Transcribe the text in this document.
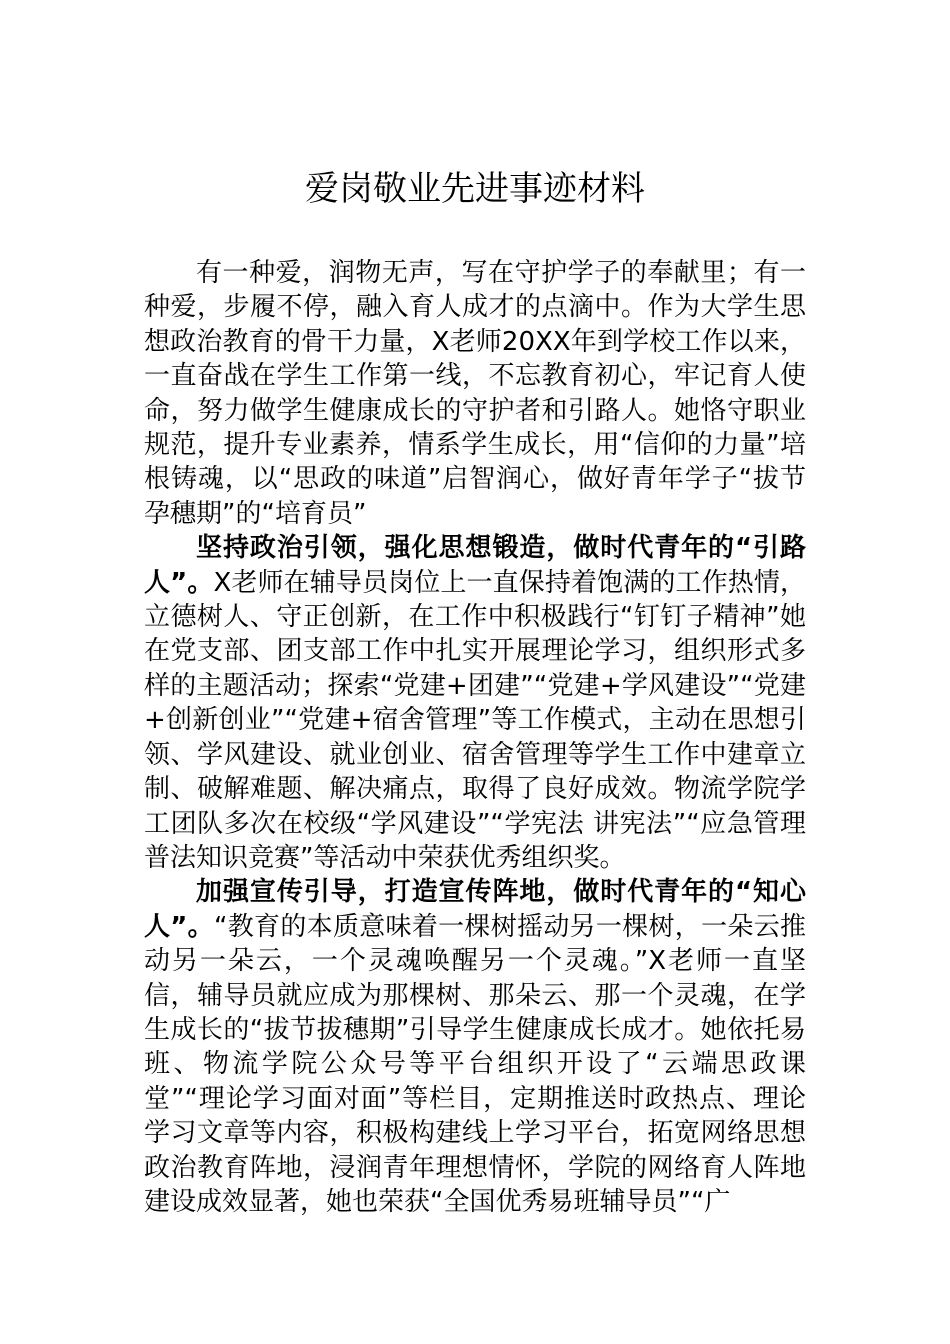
爱岗敬业先进事迹材料

有一种爱，润物无声，写在守护学子的奉献里；有一种爱，步履不停，融入育人成才的点滴中。作为大学生思想政治教育的骨干力量，X老师20XX年到学校工作以来，一直奋战在学生工作第一线，不忘教育初心，牢记育人使命，努力做学生健康成长的守护者和引路人。她恪守职业规范，提升专业素养，情系学生成长，用“信仰的力量”培根铸魂，以“思政的味道”启智润心，做好青年学子“拔节孕穗期”的“培育员”

坚持政治引领，强化思想锻造，做时代青年的“引路人”。X老师在辅导员岗位上一直保持着饱满的工作热情，立德树人、守正创新，在工作中积极践行“钉钉子精神”她在党支部、团支部工作中扎实开展理论学习，组织形式多样的主题活动；探索“党建+团建”“党建+学风建设”“党建+创新创业”“党建+宿舍管理”等工作模式，主动在思想引领、学风建设、就业创业、宿舍管理等学生工作中建章立制、破解难题、解决痛点，取得了良好成效。物流学院学工团队多次在校级“学风建设”“学宪法 讲宪法”“应急管理普法知识竞赛”等活动中荣获优秀组织奖。

加强宣传引导，打造宣传阵地，做时代青年的“知心人”。“教育的本质意味着一棵树摇动另一棵树，一朵云推动另一朵云，一个灵魂唤醒另一个灵魂。”X老师一直坚信，辅导员就应成为那棵树、那朵云、那一个灵魂，在学生成长的“拔节拔穗期”引导学生健康成长成才。她依托易班、物流学院公众号等平台组织开设了“云端思政课堂”“理论学习面对面”等栏目，定期推送时政热点、理论学习文章等内容，积极构建线上学习平台，拓宽网络思想政治教育阵地，浸润青年理想情怀，学院的网络育人阵地建设成效显著，她也荣获“全国优秀易班辅导员”“广
